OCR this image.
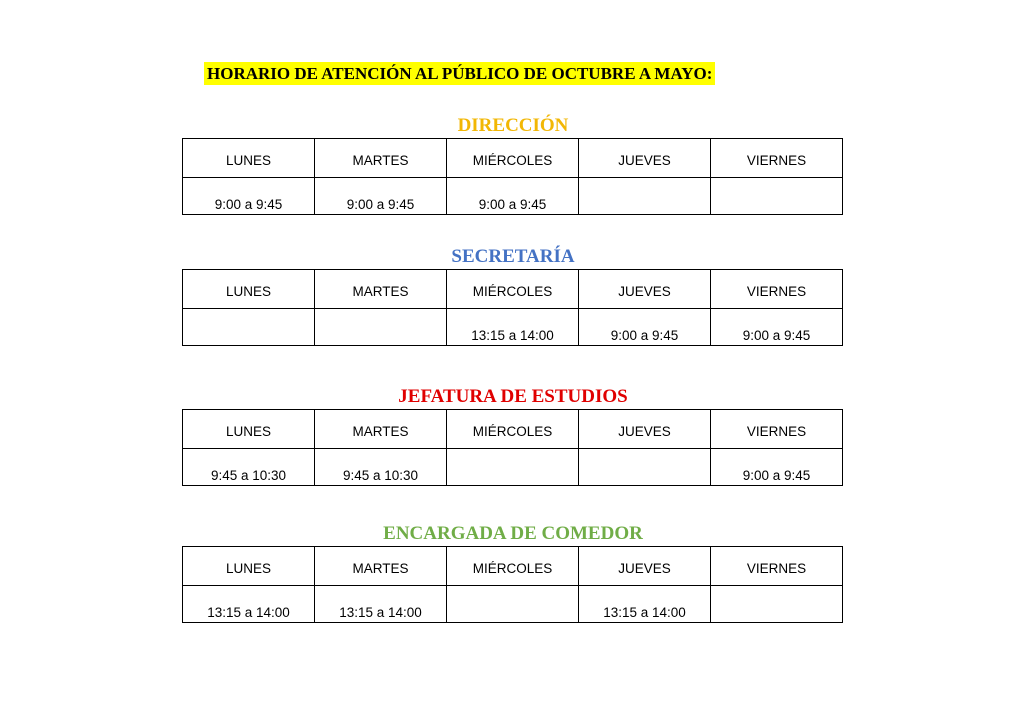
HORARIO DE ATENCIÓN AL PÚBLICO DE OCTUBRE A MAYO:
DIRECCIÓN
LUNES	MARTES	MIÉRCOLES	JUEVES	VIERNES
9:00 a 9:45	9:00 a 9:45	9:00 a 9:45		
SECRETARÍA
LUNES	MARTES	MIÉRCOLES	JUEVES	VIERNES
		13:15 a 14:00	9:00 a 9:45	9:00 a 9:45
JEFATURA DE ESTUDIOS
LUNES	MARTES	MIÉRCOLES	JUEVES	VIERNES
9:45 a 10:30	9:45 a 10:30			9:00 a 9:45
ENCARGADA DE COMEDOR
LUNES	MARTES	MIÉRCOLES	JUEVES	VIERNES
13:15 a 14:00	13:15 a 14:00		13:15 a 14:00	
